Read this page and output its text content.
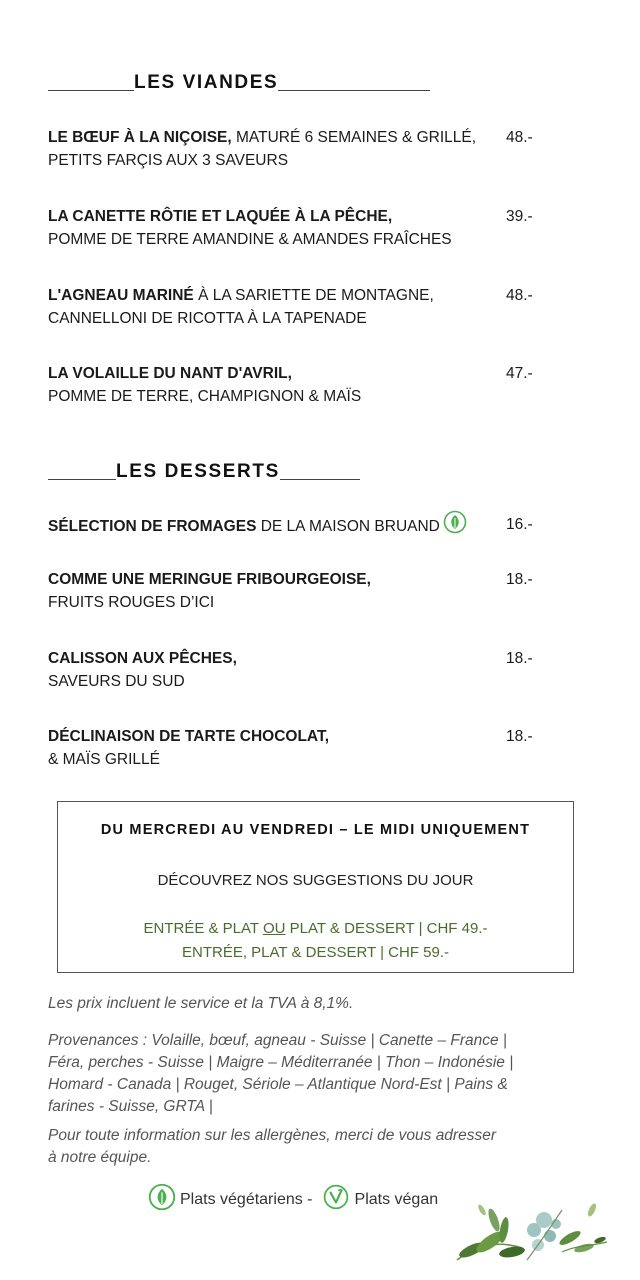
LES VIANDES
LE BŒUF À LA NIÇOISE, MATURÉ 6 SEMAINES & GRILLÉ,
PETITS FARÇIS AUX 3 SAVEURS
48.-
LA CANETTE RÔTIE ET LAQUÉE À LA PÊCHE,
POMME DE TERRE AMANDINE & AMANDES FRAÎCHES
39.-
L'AGNEAU MARINÉ À LA SARIETTE DE MONTAGNE,
CANNELLONI DE RICOTTA À LA TAPENADE
48.-
LA VOLAILLE DU NANT D'AVRIL,
POMME DE TERRE, CHAMPIGNON & MAÏS
47.-
LES DESSERTS
SÉLECTION DE FROMAGES DE LA MAISON BRUAND	16.-
COMME UNE MERINGUE FRIBOURGEOISE,
FRUITS ROUGES D’ICI
18.-
CALISSON AUX PÊCHES,
SAVEURS DU SUD
18.-
DÉCLINAISON DE TARTE CHOCOLAT,
& MAÏS GRILLÉ
18.-
DU MERCREDI AU VENDREDI – LE MIDI UNIQUEMENT
DÉCOUVREZ NOS SUGGESTIONS DU JOUR
ENTRÉE & PLAT OU PLAT & DESSERT | CHF 49.-
ENTRÉE, PLAT & DESSERT | CHF 59.-
Les prix incluent le service et la TVA à 8,1%.
Provenances : Volaille, bœuf, agneau - Suisse | Canette – France |
Féra, perches - Suisse | Maigre – Méditerranée | Thon – Indonésie |
Homard - Canada | Rouget, Sériole – Atlantique Nord-Est | Pains &
farines - Suisse, GRTA |
Pour toute information sur les allergènes, merci de vous adresser
à notre équipe.
Plats végétariens -	Plats végan
